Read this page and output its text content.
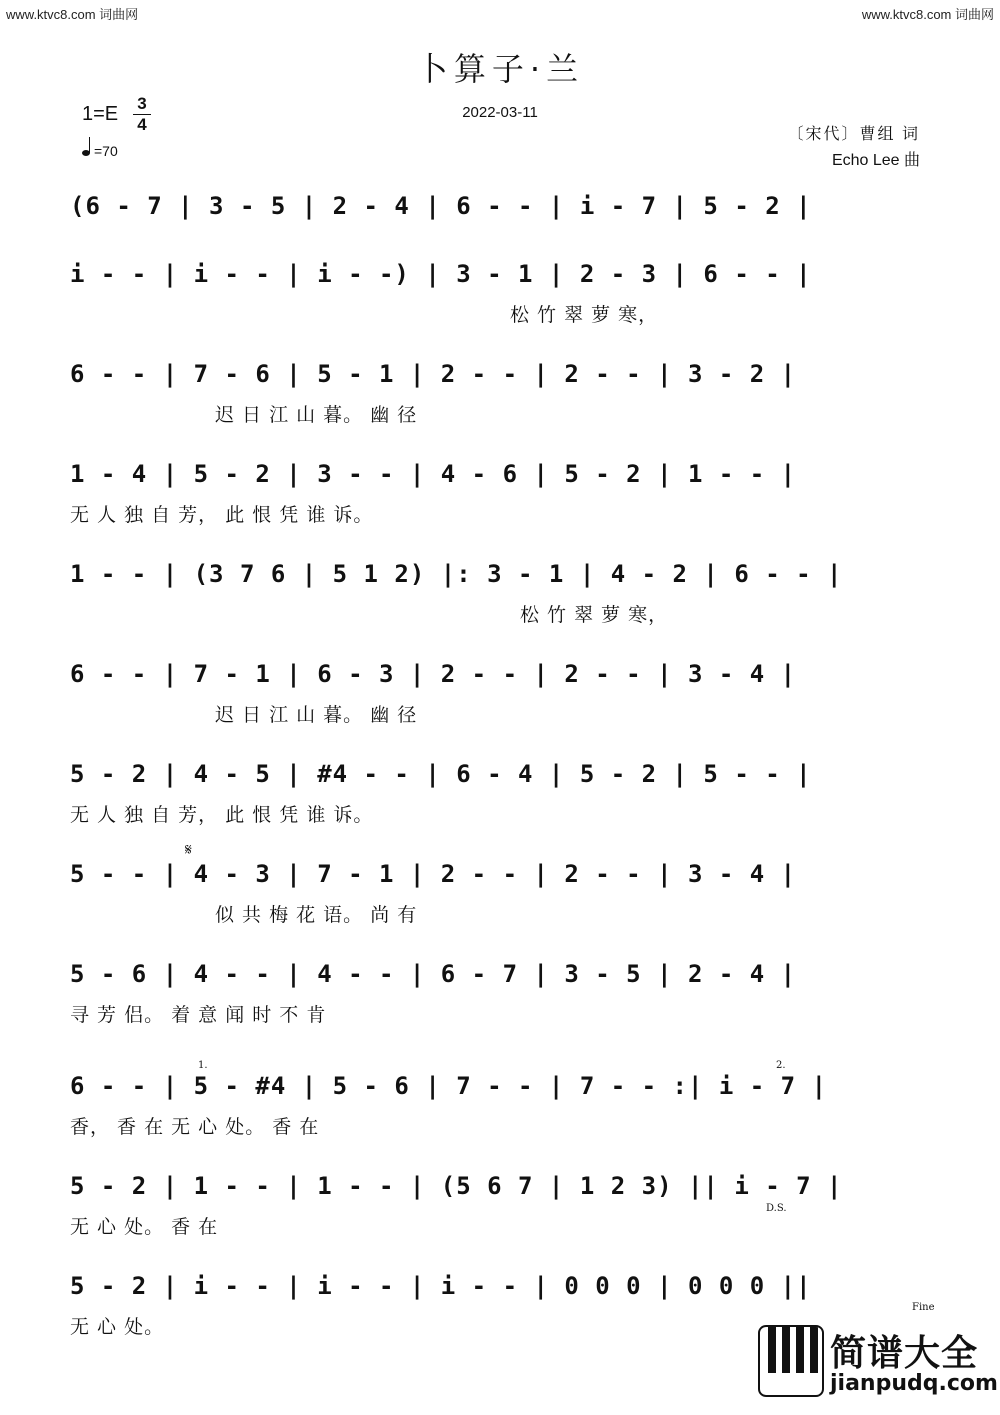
www.ktvc8.com 词曲网	www.ktvc8.com 词曲网
卜算子·兰
2022-03-11
1=E 3
4
=70
〔宋代〕曹组 词
Echo Lee 曲
(6 - 7 | 3 - 5 | 2 - 4 | 6 - - | i - 7 | 5 - 2 |
i - - | i - - | i - -) | 3 - 1 | 2 - 3 | 6 - - |
松 竹 翠 萝 寒，
6 - - | 7 - 6 | 5 - 1 | 2 - - | 2 - - | 3 - 2 |
迟 日 江 山 暮。 幽 径
1 - 4 | 5 - 2 | 3 - - | 4 - 6 | 5 - 2 | 1 - - |
无 人 独 自 芳， 此 恨 凭 谁 诉。
1 - - | (3 7 6 | 5 1 2) |: 3 - 1 | 4 - 2 | 6 - - |
松 竹 翠 萝 寒，
6 - - | 7 - 1 | 6 - 3 | 2 - - | 2 - - | 3 - 4 |
迟 日 江 山 暮。 幽 径
5 - 2 | 4 - 5 | #4 - - | 6 - 4 | 5 - 2 | 5 - - |
无 人 独 自 芳， 此 恨 凭 谁 诉。
𝄋
5 - - | 4 - 3 | 7 - 1 | 2 - - | 2 - - | 3 - 4 |
似 共 梅 花 语。 尚 有
5 - 6 | 4 - - | 4 - - | 6 - 7 | 3 - 5 | 2 - 4 |
寻 芳 侣。 着 意 闻 时 不 肯
1.	2.
6 - - | 5 - #4 | 5 - 6 | 7 - - | 7 - - :| i - 7 |
香， 香 在 无 心 处。 香 在
5 - 2 | 1 - - | 1 - - | (5 6 7 | 1 2 3) || i - 7 |
D.S.
无 心 处。 香 在
5 - 2 | i - - | i - - | i - - | 0 0 0 | 0 0 0 ||
Fine
无 心 处。
简谱大全
jianpudq.com
